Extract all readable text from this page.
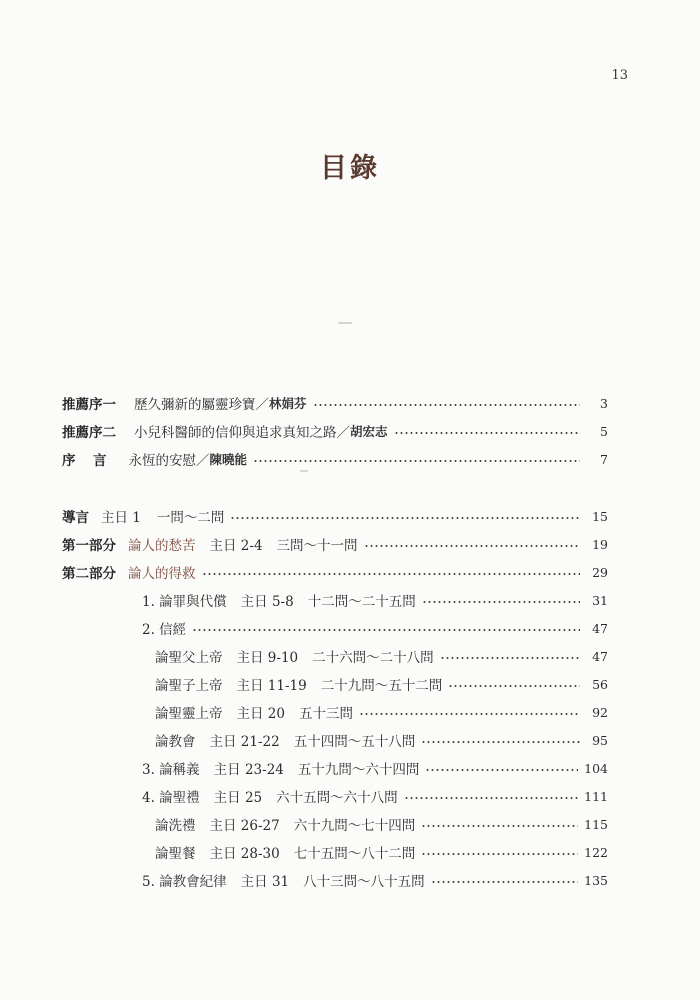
13
目錄
推薦序一 歷久彌新的屬靈珍寶／ 林娟芬	3
推薦序二 小兒科醫師的信仰與追求真知之路／ 胡宏志	5
序　言 永恆的安慰／ 陳曉能	7
導言 主日 1 一問～二問	15
第一部分 論人的愁苦 主日 2-4 三問～十一問	19
第二部分 論人的得救	29
1. 論罪與代償 主日 5-8 十二問～二十五問	31
2. 信經	47
論聖父上帝 主日 9-10 二十六問～二十八問	47
論聖子上帝 主日 11-19 二十九問～五十二問	56
論聖靈上帝 主日 20 五十三問	92
論教會 主日 21-22 五十四問～五十八問	95
3. 論稱義 主日 23-24 五十九問～六十四問	104
4. 論聖禮 主日 25 六十五問～六十八問	111
論洗禮 主日 26-27 六十九問～七十四問	115
論聖餐 主日 28-30 七十五問～八十二問	122
5. 論教會紀律 主日 31 八十三問～八十五問	135
